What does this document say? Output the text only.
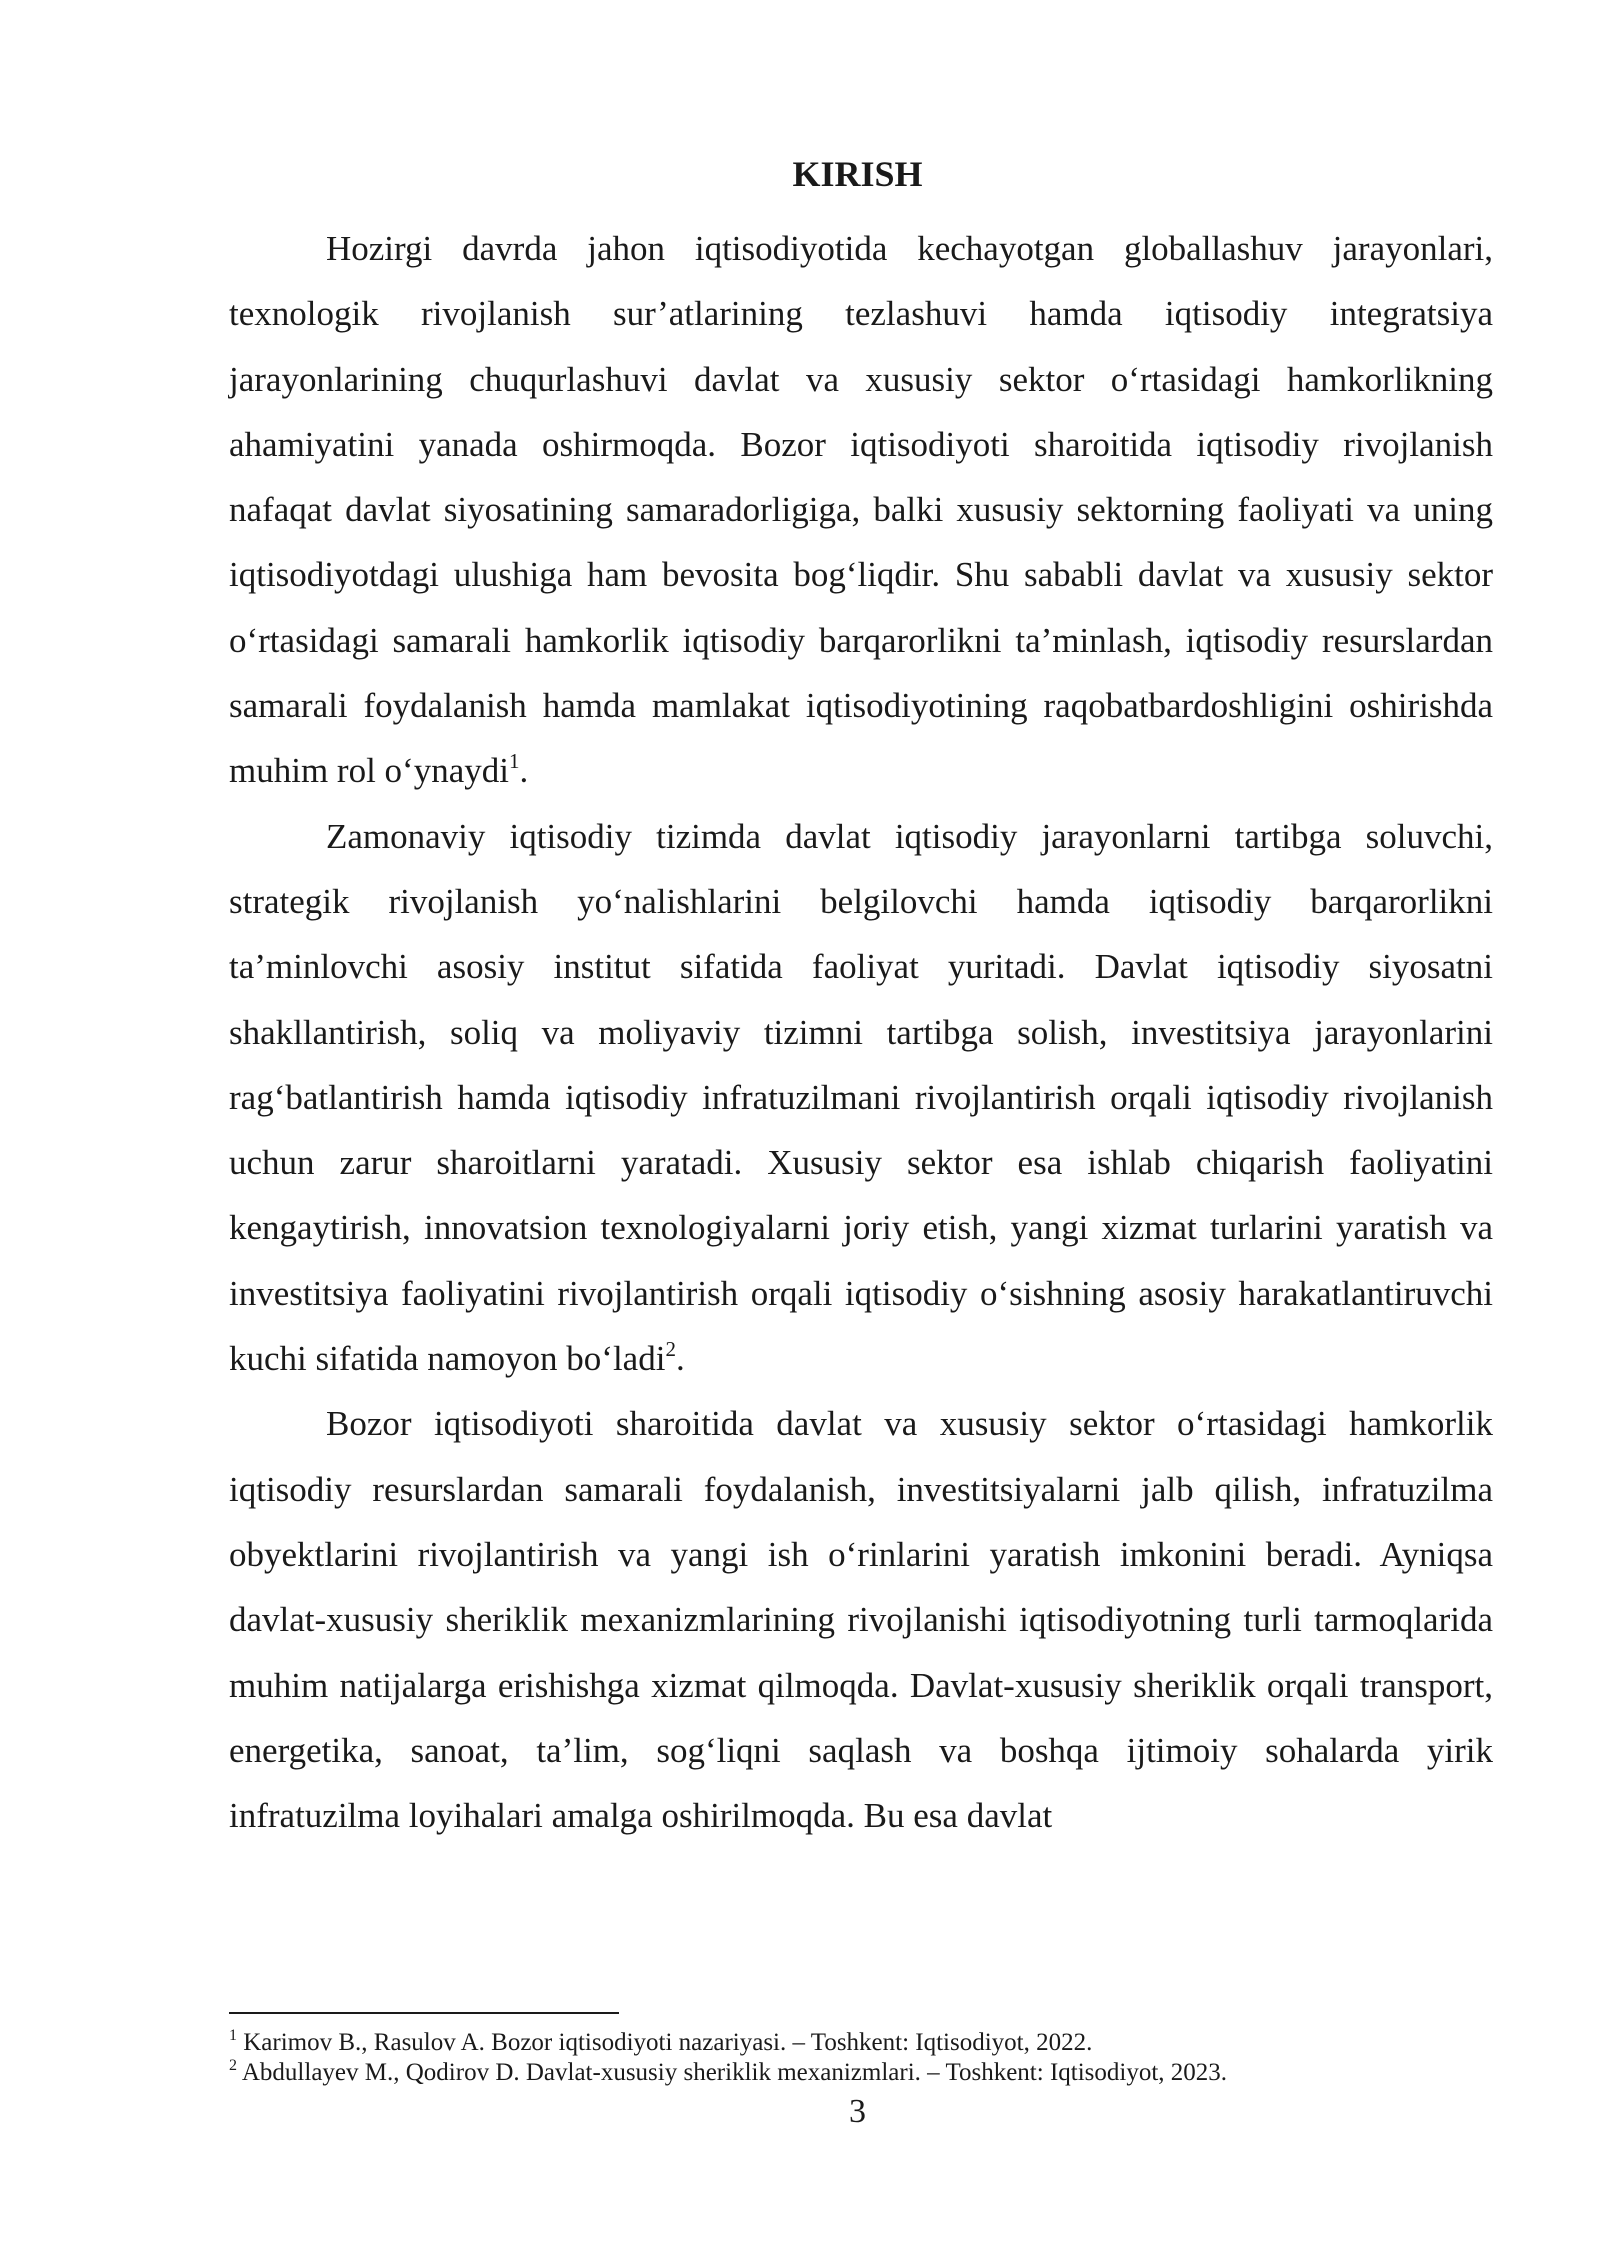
KIRISH

Hozirgi davrda jahon iqtisodiyotida kechayotgan globallashuv jarayonlari, texnologik rivojlanish sur’atlarining tezlashuvi hamda iqtisodiy integratsiya jarayonlarining chuqurlashuvi davlat va xususiy sektor o‘rtasidagi hamkorlikning ahamiyatini yanada oshirmoqda. Bozor iqtisodiyoti sharoitida iqtisodiy rivojlanish nafaqat davlat siyosatining samaradorligiga, balki xususiy sektorning faoliyati va uning iqtisodiyotdagi ulushiga ham bevosita bog‘liqdir. Shu sababli davlat va xususiy sektor o‘rtasidagi samarali hamkorlik iqtisodiy barqarorlikni ta’minlash, iqtisodiy resurslardan samarali foydalanish hamda mamlakat iqtisodiyotining raqobatbardoshligini oshirishda muhim rol o‘ynaydi$^1$.

Zamonaviy iqtisodiy tizimda davlat iqtisodiy jarayonlarni tartibga soluvchi, strategik rivojlanish yo‘nalishlarini belgilovchi hamda iqtisodiy barqarorlikni ta’minlovchi asosiy institut sifatida faoliyat yuritadi. Davlat iqtisodiy siyosatni shakllantirish, soliq va moliyaviy tizimni tartibga solish, investitsiya jarayonlarini rag‘batlantirish hamda iqtisodiy infratuzilmani rivojlantirish orqali iqtisodiy rivojlanish uchun zarur sharoitlarni yaratadi. Xususiy sektor esa ishlab chiqarish faoliyatini kengaytirish, innovatsion texnologiyalarni joriy etish, yangi xizmat turlarini yaratish va investitsiya faoliyatini rivojlantirish orqali iqtisodiy o‘sishning asosiy harakatlantiruvchi kuchi sifatida namoyon bo‘ladi$^2$.

Bozor iqtisodiyoti sharoitida davlat va xususiy sektor o‘rtasidagi hamkorlik iqtisodiy resurslardan samarali foydalanish, investitsiyalarni jalb qilish, infratuzilma obyektlarini rivojlantirish va yangi ish o‘rinlarini yaratish imkonini beradi. Ayniqsa davlat-xususiy sheriklik mexanizmlarining rivojlanishi iqtisodiyotning turli tarmoqlarida muhim natijalarga erishishga xizmat qilmoqda. Davlat-xususiy sheriklik orqali transport, energetika, sanoat, ta’lim, sog‘liqni saqlash va boshqa ijtimoiy sohalarda yirik infratuzilma loyihalari amalga oshirilmoqda. Bu esa davlat

$^1$ Karimov B., Rasulov A. Bozor iqtisodiyoti nazariyasi. – Toshkent: Iqtisodiyot, 2022.

$^2$ Abdullayev M., Qodirov D. Davlat-xususiy sheriklik mexanizmlari. – Toshkent: Iqtisodiyot, 2023.

3
